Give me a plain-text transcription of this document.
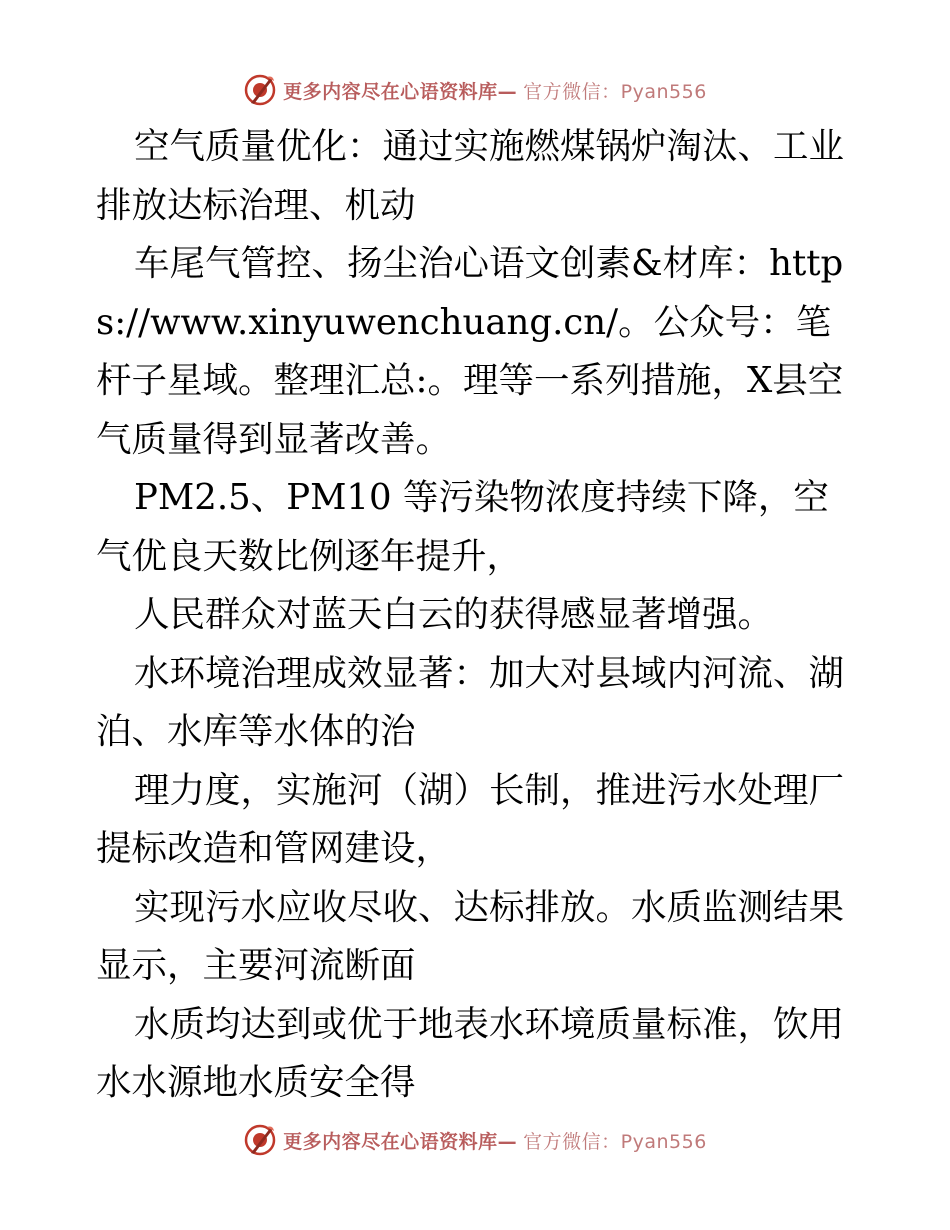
更多内容尽在心语资料库— 官方微信：Pyan556

空气质量优化：通过实施燃煤锅炉淘汰、工业排放达标治理、机动

车尾气管控、扬尘治心语文创素&材库：https://www.xinyuwenchuang.cn/。公众号：笔杆子星域。整理汇总:。理等一系列措施，X县空气质量得到显著改善。

PM2.5、PM10 等污染物浓度持续下降，空气优良天数比例逐年提升，

人民群众对蓝天白云的获得感显著增强。

水环境治理成效显著：加大对县域内河流、湖泊、水库等水体的治

理力度，实施河（湖）长制，推进污水处理厂提标改造和管网建设，

实现污水应收尽收、达标排放。水质监测结果显示，主要河流断面

水质均达到或优于地表水环境质量标准，饮用水水源地水质安全得

更多内容尽在心语资料库— 官方微信：Pyan556
